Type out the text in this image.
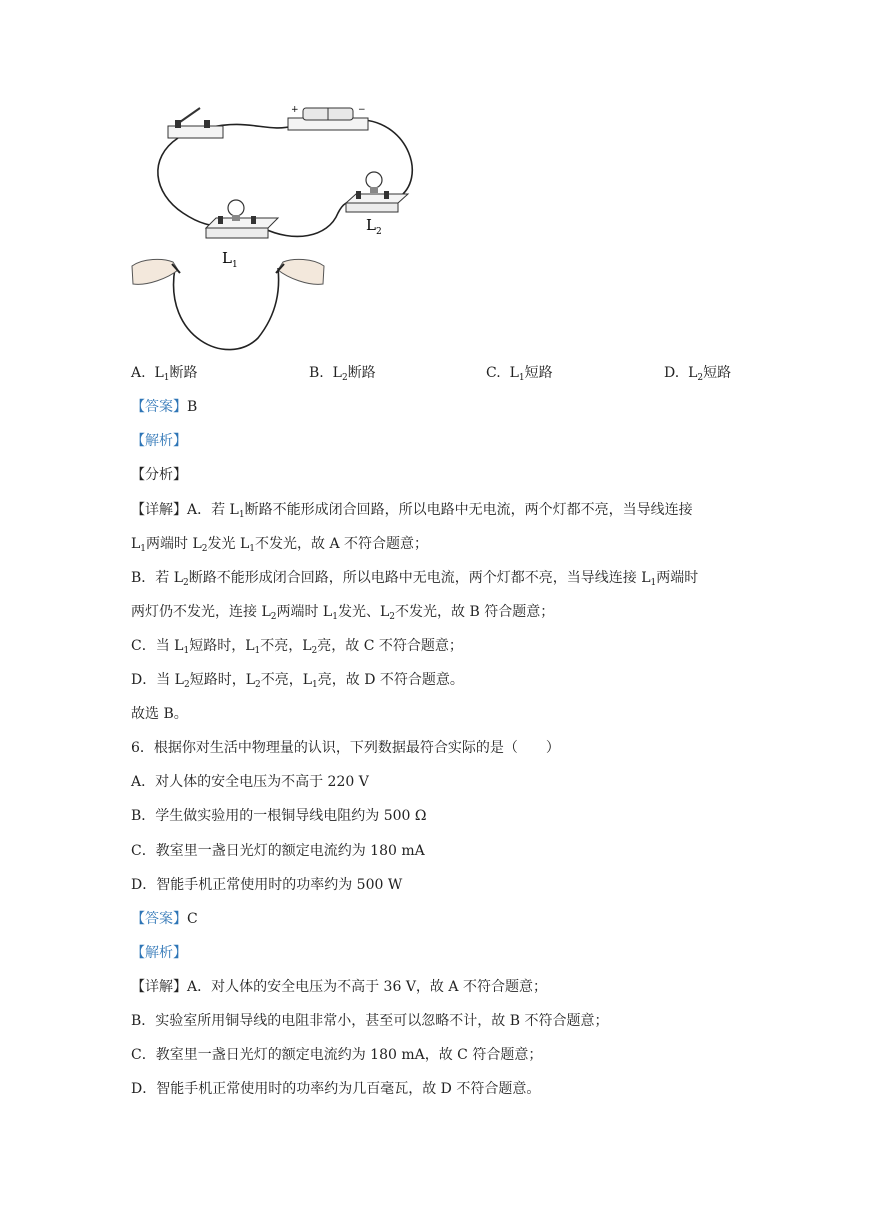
+	−
$L_1$
$L_2$
A. $L_1$断路	B. $L_2$断路	C. $L_1$短路	D. $L_2$短路
【答案】B
【解析】
【分析】
【详解】A．若 $L_1$断路不能形成闭合回路，所以电路中无电流，两个灯都不亮，当导线连接
$L_1$两端时 $L_2$发光 $L_1$不发光，故 A 不符合题意；
B．若 $L_2$断路不能形成闭合回路，所以电路中无电流，两个灯都不亮，当导线连接 $L_1$两端时
两灯仍不发光，连接 $L_2$两端时 $L_1$发光、$L_2$不发光，故 B 符合题意；
C．当 $L_1$短路时，$L_1$不亮，$L_2$亮，故 C 不符合题意；
D．当 $L_2$短路时，$L_2$不亮，$L_1$亮，故 D 不符合题意。
故选 B。
6．根据你对生活中物理量的认识，下列数据最符合实际的是（　　）
A．对人体的安全电压为不高于 220 V
B．学生做实验用的一根铜导线电阻约为 500 Ω
C．教室里一盏日光灯的额定电流约为 180 mA
D．智能手机正常使用时的功率约为 500 W
【答案】C
【解析】
【详解】A．对人体的安全电压为不高于 36 V，故 A 不符合题意；
B．实验室所用铜导线的电阻非常小，甚至可以忽略不计，故 B 不符合题意；
C．教室里一盏日光灯的额定电流约为 180 mA，故 C 符合题意；
D．智能手机正常使用时的功率约为几百毫瓦，故 D 不符合题意。
